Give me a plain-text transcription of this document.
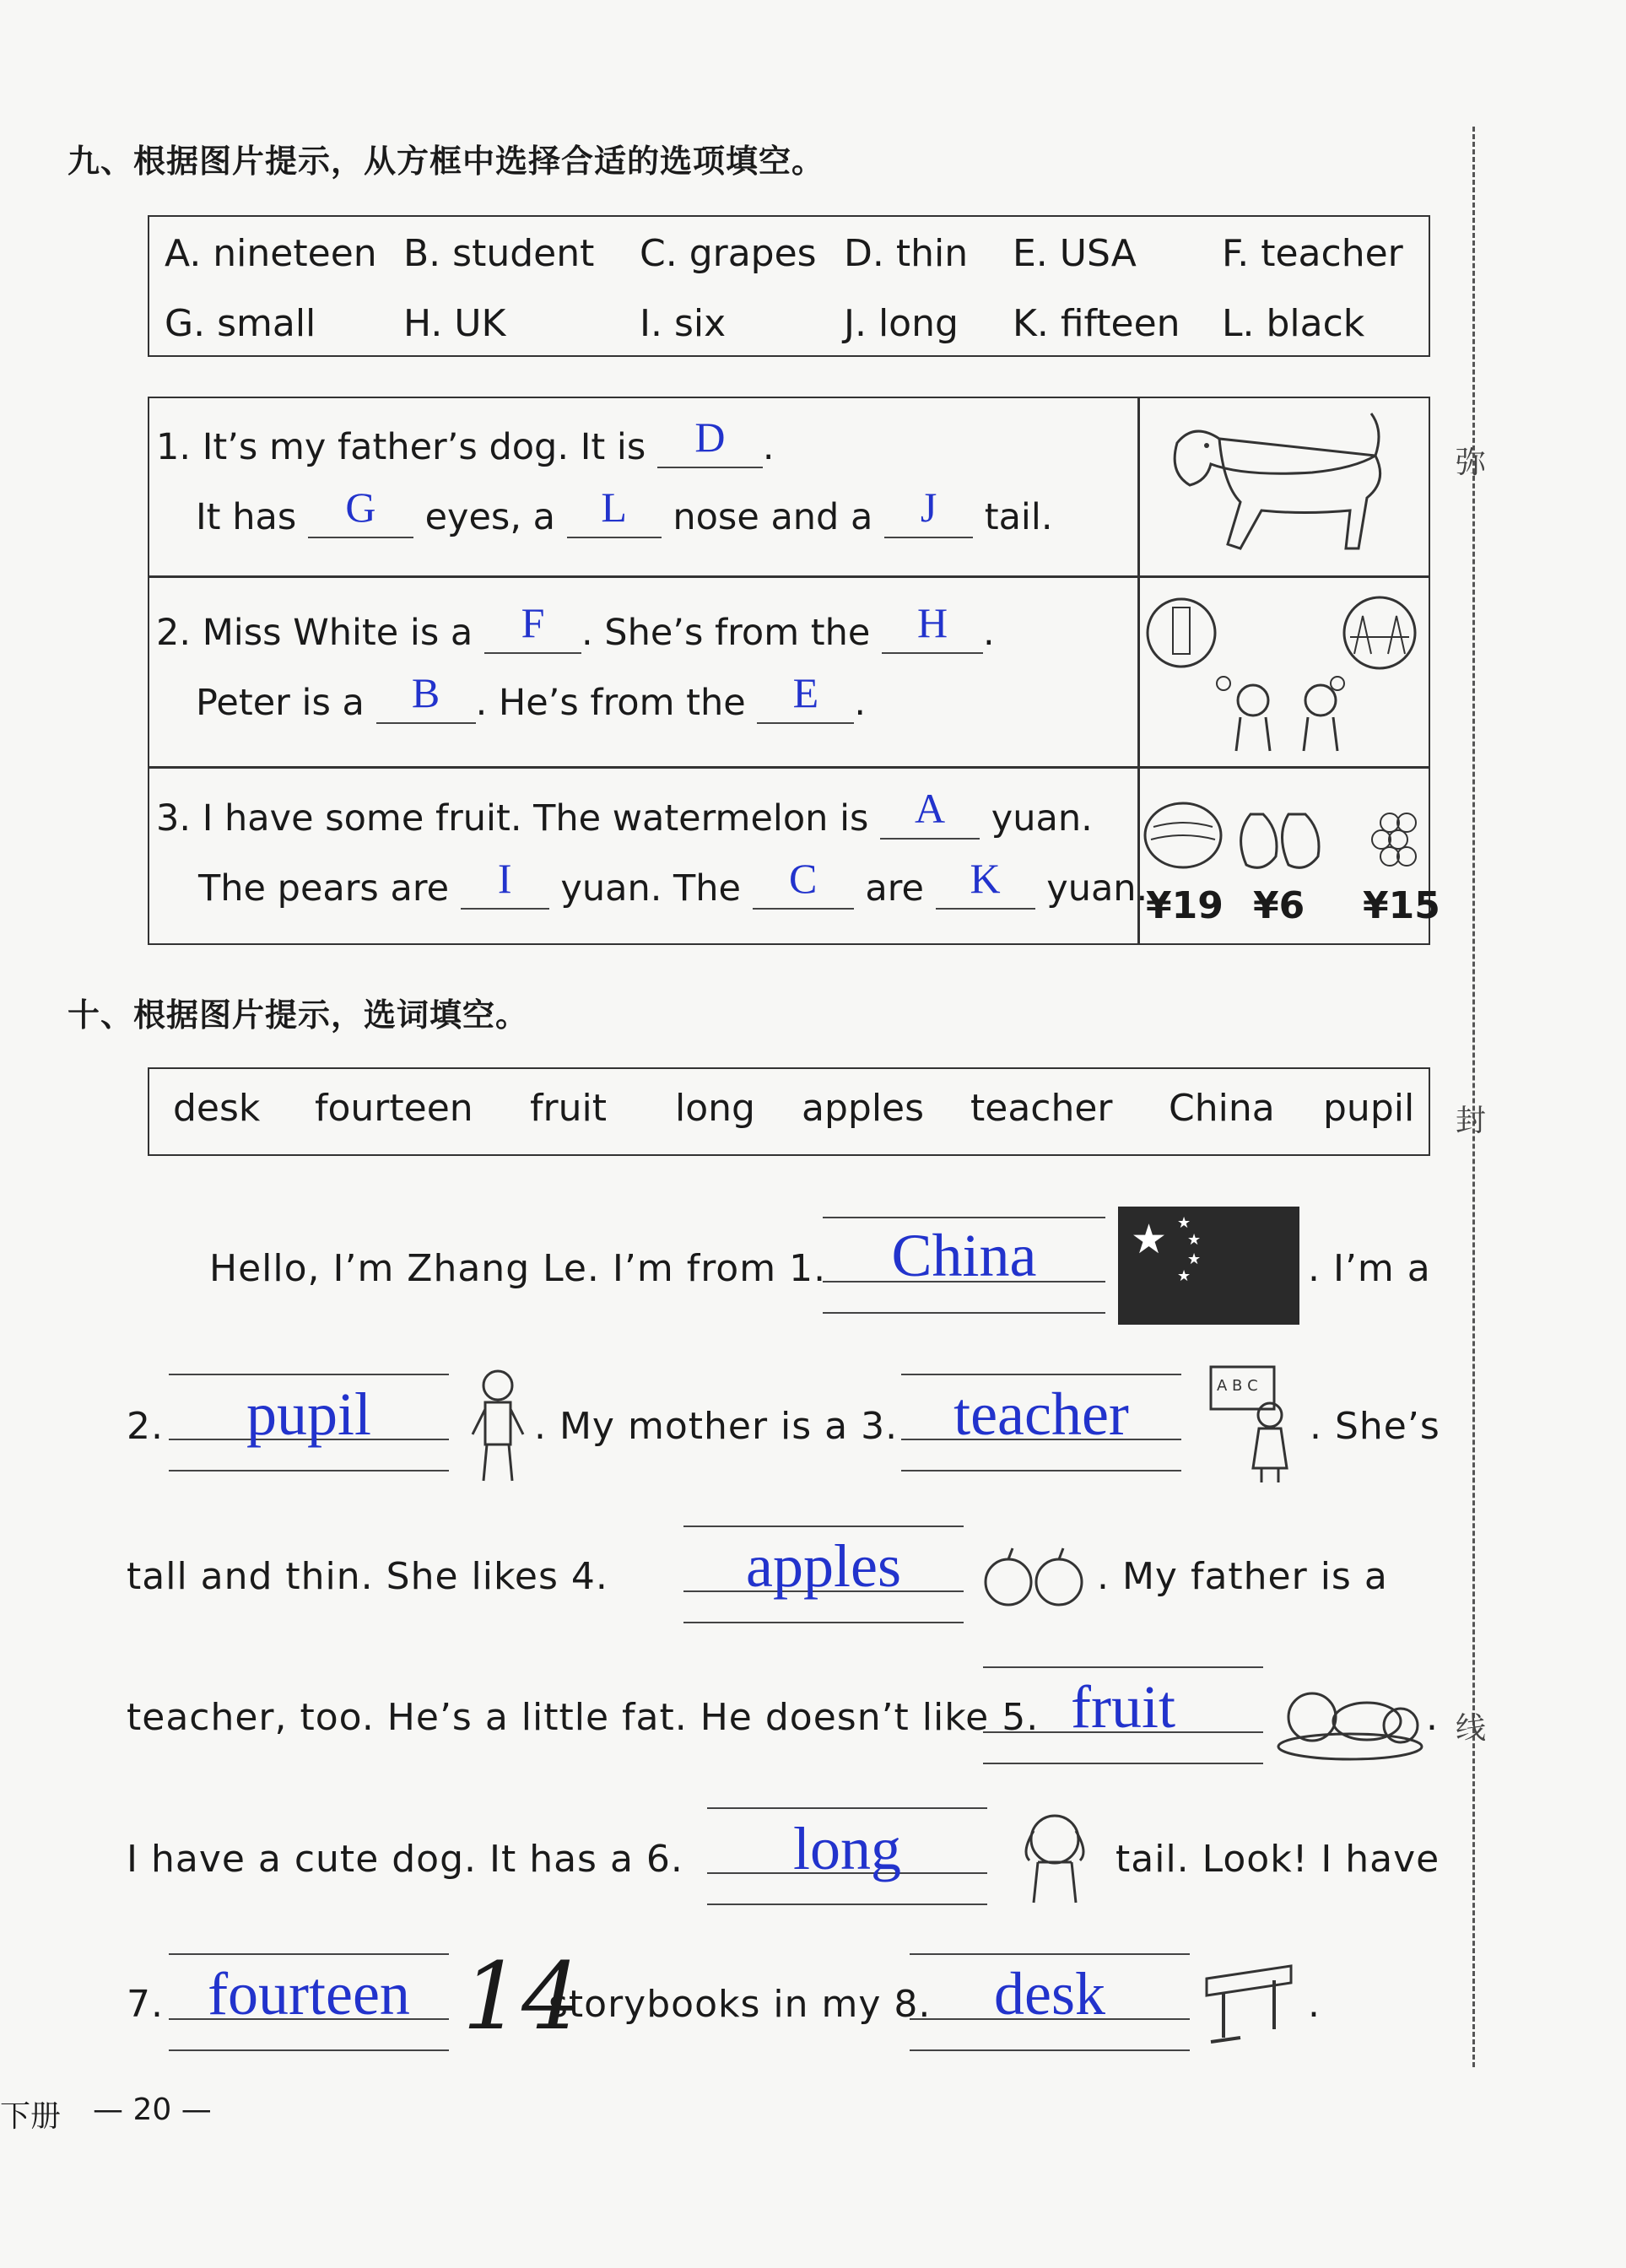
九、根据图片提示，从方框中选择合适的选项填空。
A. nineteen B. student C. grapes D. thin E. USA F. teacher
G. small H. UK	I. six	J. long K. fifteen L. black
1. It’s my father’s dog. It is	D	.
It has	G	eyes, a	L	nose and a	J	tail.
2. Miss White is a	F	. She’s from the	H .
Peter is a	B . He’s from the	E .
3. I have some fruit. The watermelon is	A	yuan.
The pears are	I	yuan. The	C	are	K	yuan.
¥19 ¥6 ¥15
十、根据图片提示，选词填空。
desk fourteen fruit long apples teacher China pupil
Hello, I’m Zhang Le. I’m from 1.	China	★ ★
★
★
★	. I’m a
2.	pupil	. My mother is a 3. teacher	A B C
. She’s
tall and thin. She likes 4.	apples	. My father is a
teacher, too. He’s a little fat. He doesn’t like 5. fruit	.
I have a cute dog. It has a 6.	long	tail. Look! I have
7. fourteen 14
storybooks in my 8.	desk	.
弥
封
线
下册 — 20 —
